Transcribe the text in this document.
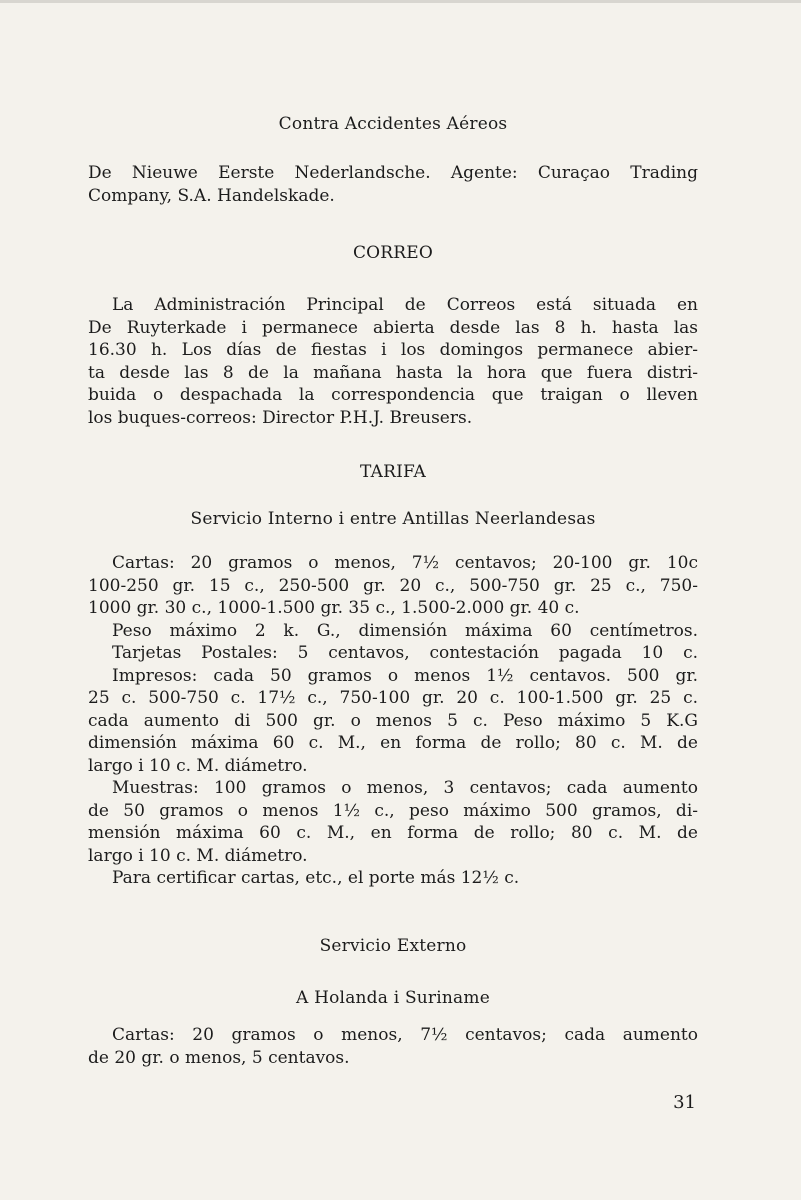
Contra Accidentes Aéreos
De Nieuwe Eerste Nederlandsche. Agente: Curaçao Trading
Company, S.A. Handelskade.
CORREO
La Administración Principal de Correos está situada en
De Ruyterkade i permanece abierta desde las 8 h. hasta las
16.30 h. Los días de fiestas i los domingos permanece abier-
ta desde las 8 de la mañana hasta la hora que fuera distri-
buida o despachada la correspondencia que traigan o lleven
los buques-correos: Director P.H.J. Breusers.
TARIFA
Servicio Interno i entre Antillas Neerlandesas
Cartas: 20 gramos o menos, 7½ centavos; 20-100 gr. 10c
100-250 gr. 15 c., 250-500 gr. 20 c., 500-750 gr. 25 c., 750-
1000 gr. 30 c., 1000-1.500 gr. 35 c., 1.500-2.000 gr. 40 c.
Peso máximo 2 k. G., dimensión máxima 60 centímetros.
Tarjetas Postales: 5 centavos, contestación pagada 10 c.
Impresos: cada 50 gramos o menos 1½ centavos. 500 gr.
25 c. 500-750 c. 17½ c., 750-100 gr. 20 c. 100-1.500 gr. 25 c.
cada aumento di 500 gr. o menos 5 c. Peso máximo 5 K.G
dimensión máxima 60 c. M., en forma de rollo; 80 c. M. de
largo i 10 c. M. diámetro.
Muestras: 100 gramos o menos, 3 centavos; cada aumento
de 50 gramos o menos 1½ c., peso máximo 500 gramos, di-
mensión máxima 60 c. M., en forma de rollo; 80 c. M. de
largo i 10 c. M. diámetro.
Para certificar cartas, etc., el porte más 12½ c.
Servicio Externo
A Holanda i Suriname
Cartas: 20 gramos o menos, 7½ centavos; cada aumento
de 20 gr. o menos, 5 centavos.
31
